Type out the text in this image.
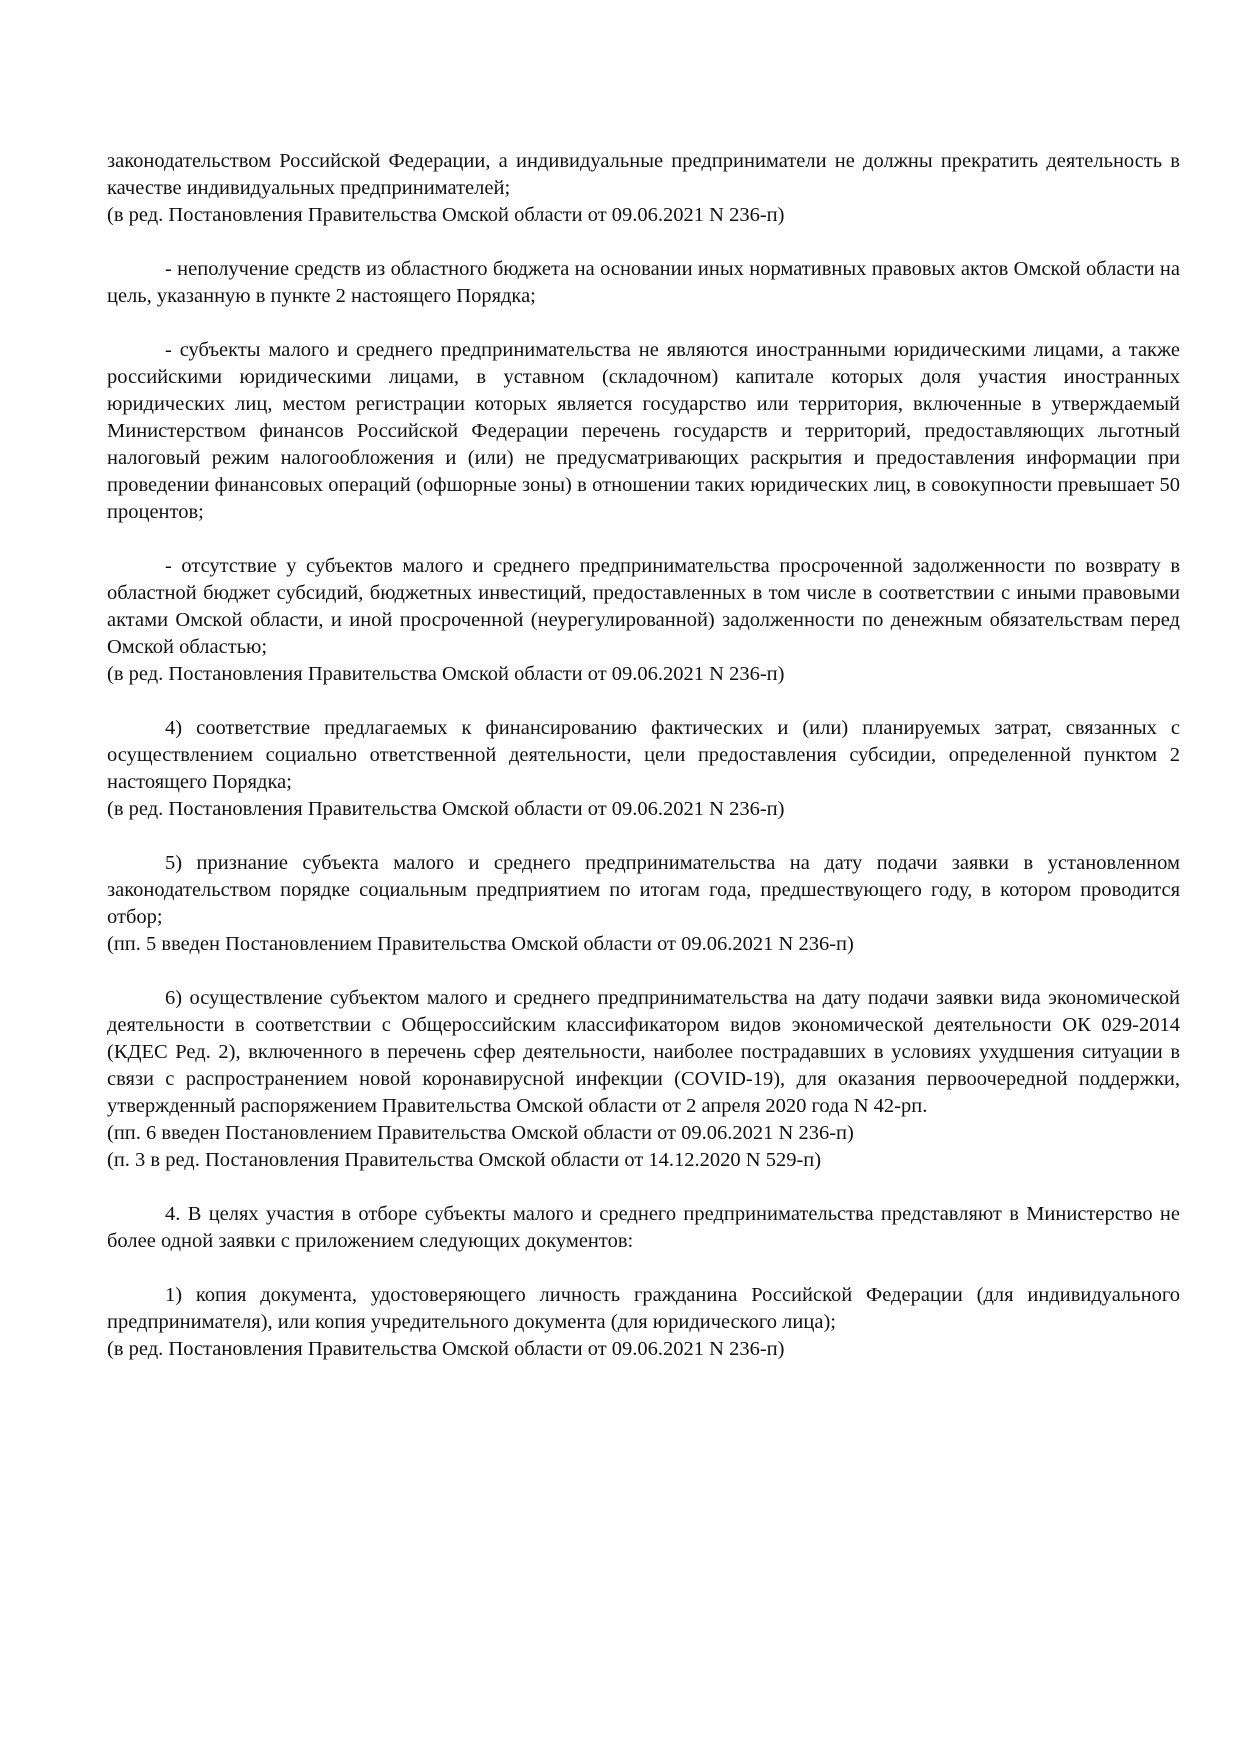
законодательством Российской Федерации, а индивидуальные предприниматели не должны прекратить деятельность в качестве индивидуальных предпринимателей;

(в ред. Постановления Правительства Омской области от 09.06.2021 N 236-п)

- неполучение средств из областного бюджета на основании иных нормативных правовых актов Омской области на цель, указанную в пункте 2 настоящего Порядка;

- субъекты малого и среднего предпринимательства не являются иностранными юридическими лицами, а также российскими юридическими лицами, в уставном (складочном) капитале которых доля участия иностранных юридических лиц, местом регистрации которых является государство или территория, включенные в утверждаемый Министерством финансов Российской Федерации перечень государств и территорий, предоставляющих льготный налоговый режим налогообложения и (или) не предусматривающих раскрытия и предоставления информации при проведении финансовых операций (офшорные зоны) в отношении таких юридических лиц, в совокупности превышает 50 процентов;

- отсутствие у субъектов малого и среднего предпринимательства просроченной задолженности по возврату в областной бюджет субсидий, бюджетных инвестиций, предоставленных в том числе в соответствии с иными правовыми актами Омской области, и иной просроченной (неурегулированной) задолженности по денежным обязательствам перед Омской областью;

(в ред. Постановления Правительства Омской области от 09.06.2021 N 236-п)

4) соответствие предлагаемых к финансированию фактических и (или) планируемых затрат, связанных с осуществлением социально ответственной деятельности, цели предоставления субсидии, определенной пунктом 2 настоящего Порядка;

(в ред. Постановления Правительства Омской области от 09.06.2021 N 236-п)

5) признание субъекта малого и среднего предпринимательства на дату подачи заявки в установленном законодательством порядке социальным предприятием по итогам года, предшествующего году, в котором проводится отбор;

(пп. 5 введен Постановлением Правительства Омской области от 09.06.2021 N 236-п)

6) осуществление субъектом малого и среднего предпринимательства на дату подачи заявки вида экономической деятельности в соответствии с Общероссийским классификатором видов экономической деятельности ОК 029-2014 (КДЕС Ред. 2), включенного в перечень сфер деятельности, наиболее пострадавших в условиях ухудшения ситуации в связи с распространением новой коронавирусной инфекции (COVID-19), для оказания первоочередной поддержки, утвержденный распоряжением Правительства Омской области от 2 апреля 2020 года N 42-рп.

(пп. 6 введен Постановлением Правительства Омской области от 09.06.2021 N 236-п)

(п. 3 в ред. Постановления Правительства Омской области от 14.12.2020 N 529-п)

4. В целях участия в отборе субъекты малого и среднего предпринимательства представляют в Министерство не более одной заявки с приложением следующих документов:

1) копия документа, удостоверяющего личность гражданина Российской Федерации (для индивидуального предпринимателя), или копия учредительного документа (для юридического лица);

(в ред. Постановления Правительства Омской области от 09.06.2021 N 236-п)
